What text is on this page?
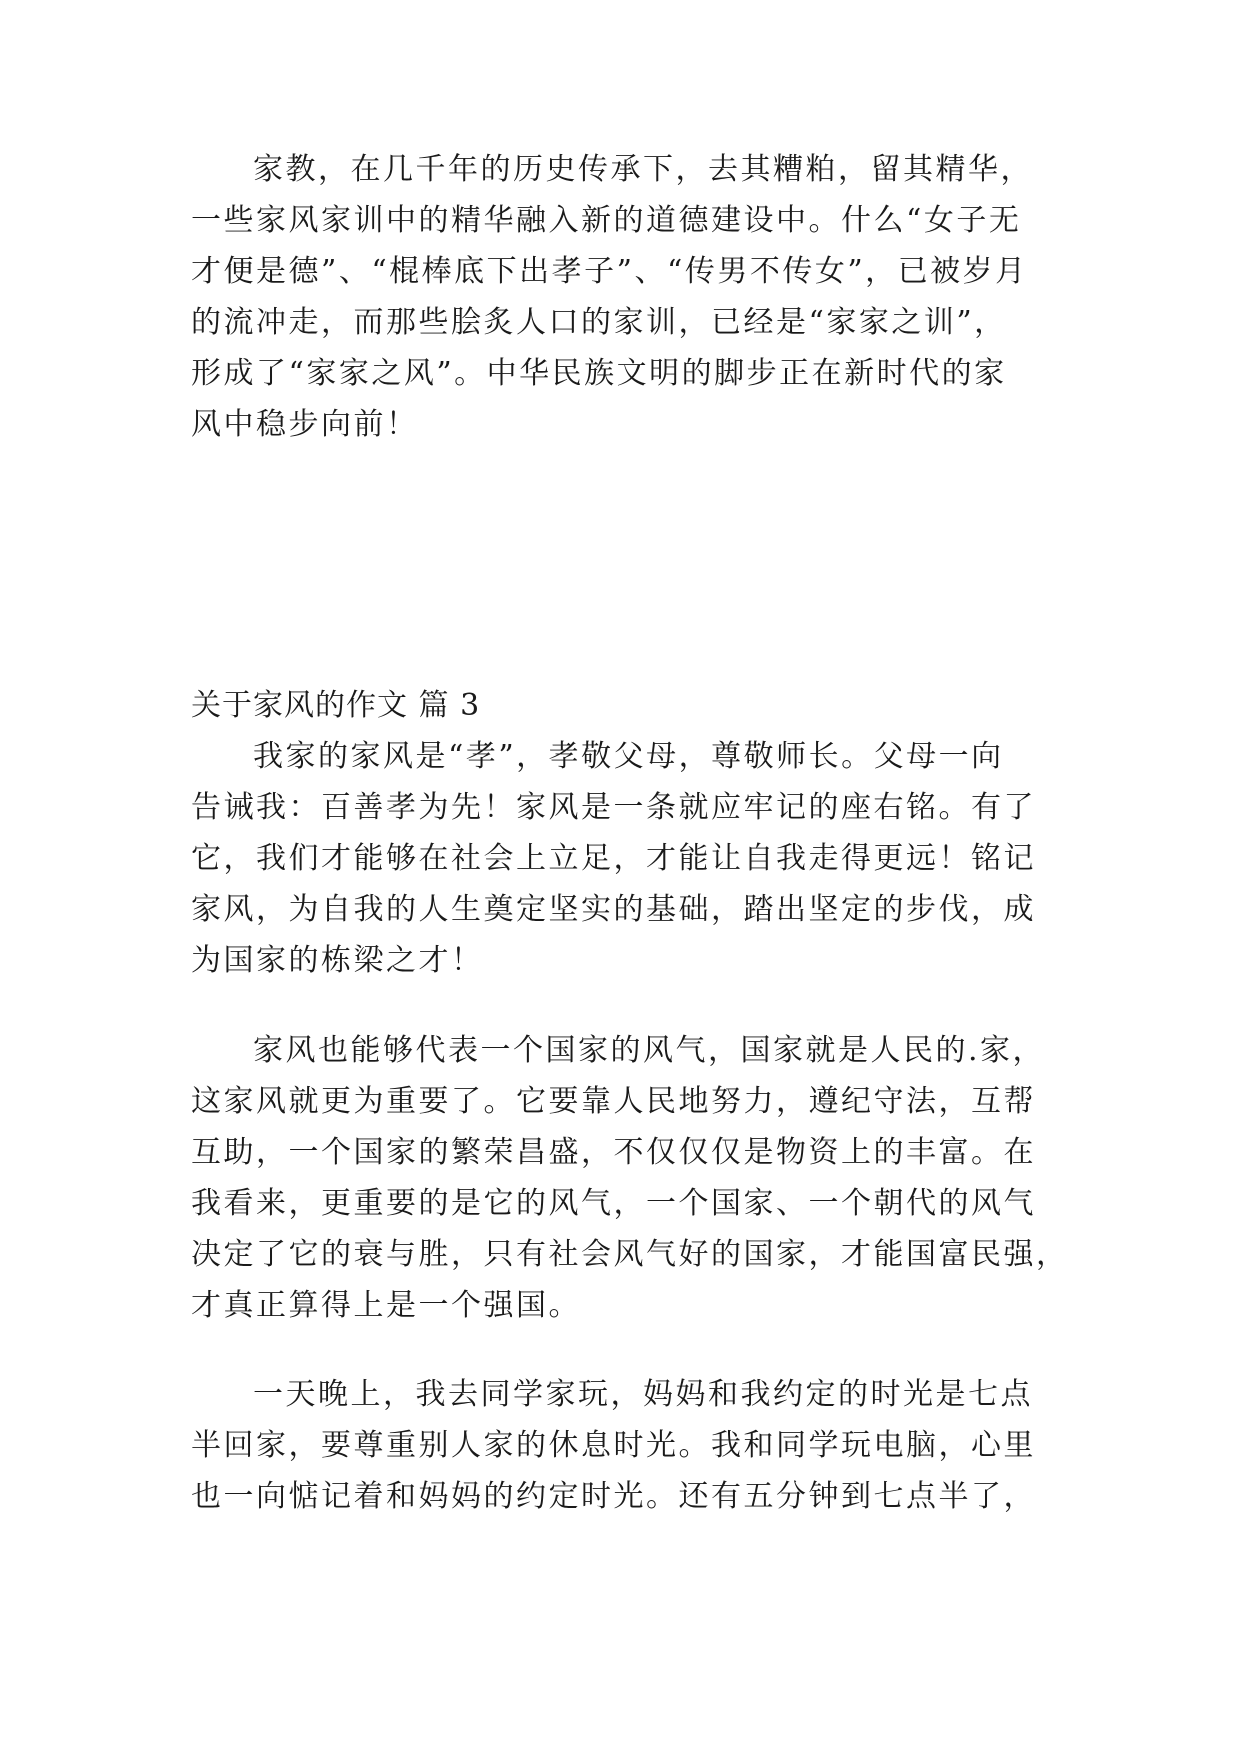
家教，在几千年的历史传承下，去其糟粕，留其精华，
一些家风家训中的精华融入新的道德建设中。什么“女子无
才便是德”、“棍棒底下出孝子”、“传男不传女”，已被岁月
的流冲走，而那些脍炙人口的家训，已经是“家家之训”，
形成了“家家之风”。中华民族文明的脚步正在新时代的家
风中稳步向前！
关于家风的作文 篇 3
我家的家风是“孝”，孝敬父母，尊敬师长。父母一向
告诫我：百善孝为先！家风是一条就应牢记的座右铭。有了
它，我们才能够在社会上立足，才能让自我走得更远！铭记
家风，为自我的人生奠定坚实的基础，踏出坚定的步伐，成
为国家的栋梁之才！
家风也能够代表一个国家的风气，国家就是人民的.家，
这家风就更为重要了。它要靠人民地努力，遵纪守法，互帮
互助，一个国家的繁荣昌盛，不仅仅仅是物资上的丰富。在
我看来，更重要的是它的风气，一个国家、一个朝代的风气
决定了它的衰与胜，只有社会风气好的国家，才能国富民强，
才真正算得上是一个强国。
一天晚上，我去同学家玩，妈妈和我约定的时光是七点
半回家，要尊重别人家的休息时光。我和同学玩电脑，心里
也一向惦记着和妈妈的约定时光。还有五分钟到七点半了，
